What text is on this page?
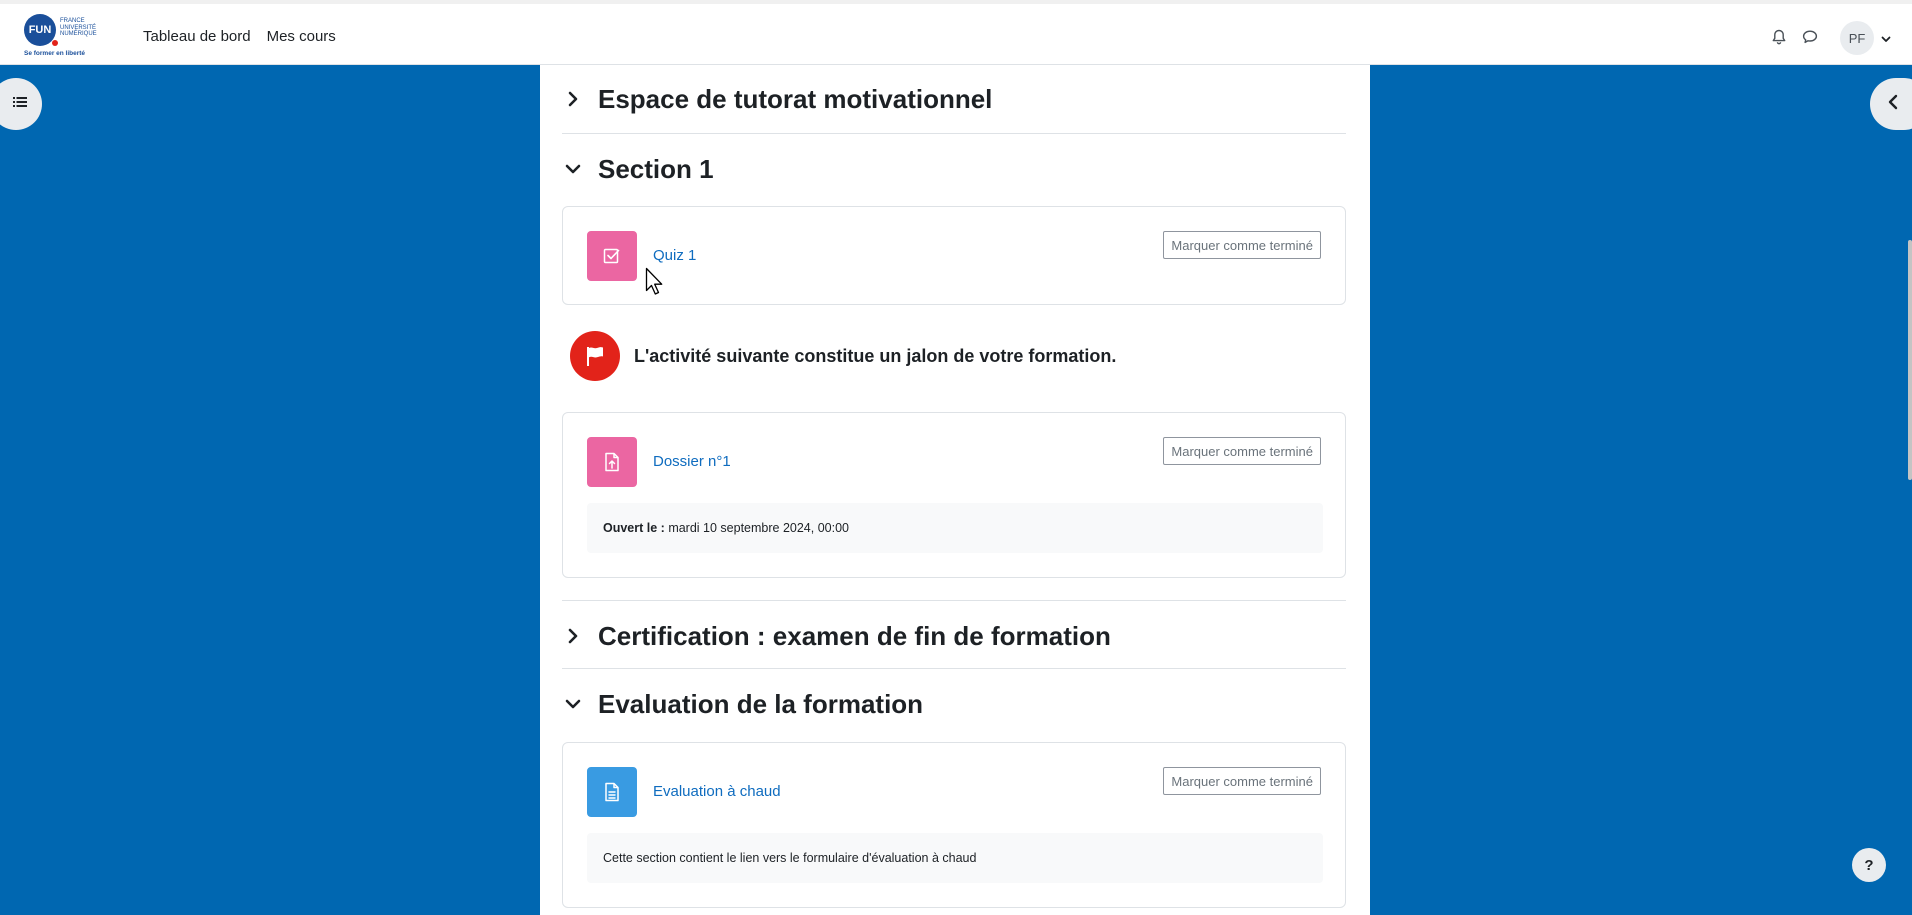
FUN
FRANCE
UNIVERSITÉ
NUMÉRIQUE
Se former en liberté
Tableau de bord Mes cours	PF
Espace de tutorat motivationnel
Section 1
Quiz 1
Marquer comme terminé
L'activité suivante constitue un jalon de votre formation.
Dossier n°1
Marquer comme terminé
Ouvert le :
mardi 10 septembre 2024, 00:00
Certification : examen de fin de formation
Evaluation de la formation
Evaluation à chaud
Marquer comme terminé
Cette section contient le lien vers le formulaire d'évaluation à chaud	?
